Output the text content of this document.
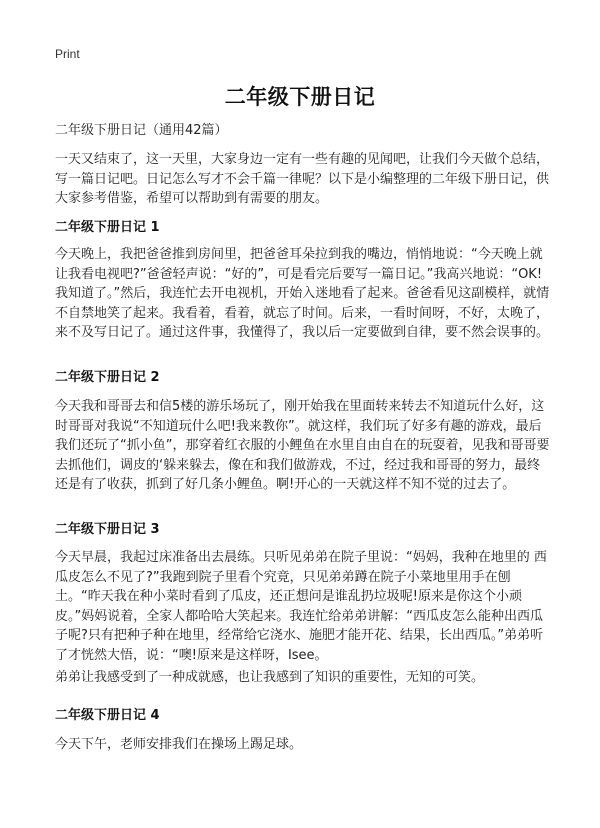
Print
二年级下册日记

二年级下册日记（通用42篇）

一天又结束了，这一天里，大家身边一定有一些有趣的见闻吧，让我们今天做个总结，写一篇日记吧。日记怎么写才不会千篇一律呢？以下是小编整理的二年级下册日记，供大家参考借鉴，希望可以帮助到有需要的朋友。

二年级下册日记 1

今天晚上，我把爸爸推到房间里，把爸爸耳朵拉到我的嘴边，悄悄地说：“今天晚上就让我看电视吧?”爸爸轻声说：“好的”，可是看完后要写一篇日记。”我高兴地说：“OK!我知道了。”然后，我连忙去开电视机，开始入迷地看了起来。爸爸看见这副模样，就情不自禁地笑了起来。我看着，看着，就忘了时间。后来，一看时间呀，不好，太晚了，来不及写日记了。通过这件事，我懂得了，我以后一定要做到自律，要不然会误事的。

二年级下册日记 2

今天我和哥哥去和信5楼的游乐场玩了，刚开始我在里面转来转去不知道玩什么好，这时哥哥对我说“不知道玩什么吧!我来教你”。就这样，我们玩了好多有趣的游戏，最后我们还玩了“抓小鱼”，那穿着红衣服的小鲤鱼在水里自由自在的玩耍着，见我和哥哥要去抓他们，调皮的‘躲来躲去，像在和我们做游戏，不过，经过我和哥哥的努力，最终还是有了收获，抓到了好几条小鲤鱼。啊!开心的一天就这样不知不觉的过去了。

二年级下册日记 3

今天早晨，我起过床准备出去晨练。只听见弟弟在院子里说：“妈妈，我种在地里的 西瓜皮怎么不见了?”我跑到院子里看个究竟，只见弟弟蹲在院子小菜地里用手在刨土。“昨天我在种小菜时看到了瓜皮，还正想问是谁乱扔垃圾呢!原来是你这个小顽皮。”妈妈说着，全家人都哈哈大笑起来。我连忙给弟弟讲解：“西瓜皮怎么能种出西瓜子呢?只有把种子种在地里，经常给它浇水、施肥才能开花、结果，长出西瓜。”弟弟听了才恍然大悟，说：“噢!原来是这样呀，Isee。

弟弟让我感受到了一种成就感，也让我感到了知识的重要性，无知的可笑。

二年级下册日记 4

今天下午，老师安排我们在操场上踢足球。
